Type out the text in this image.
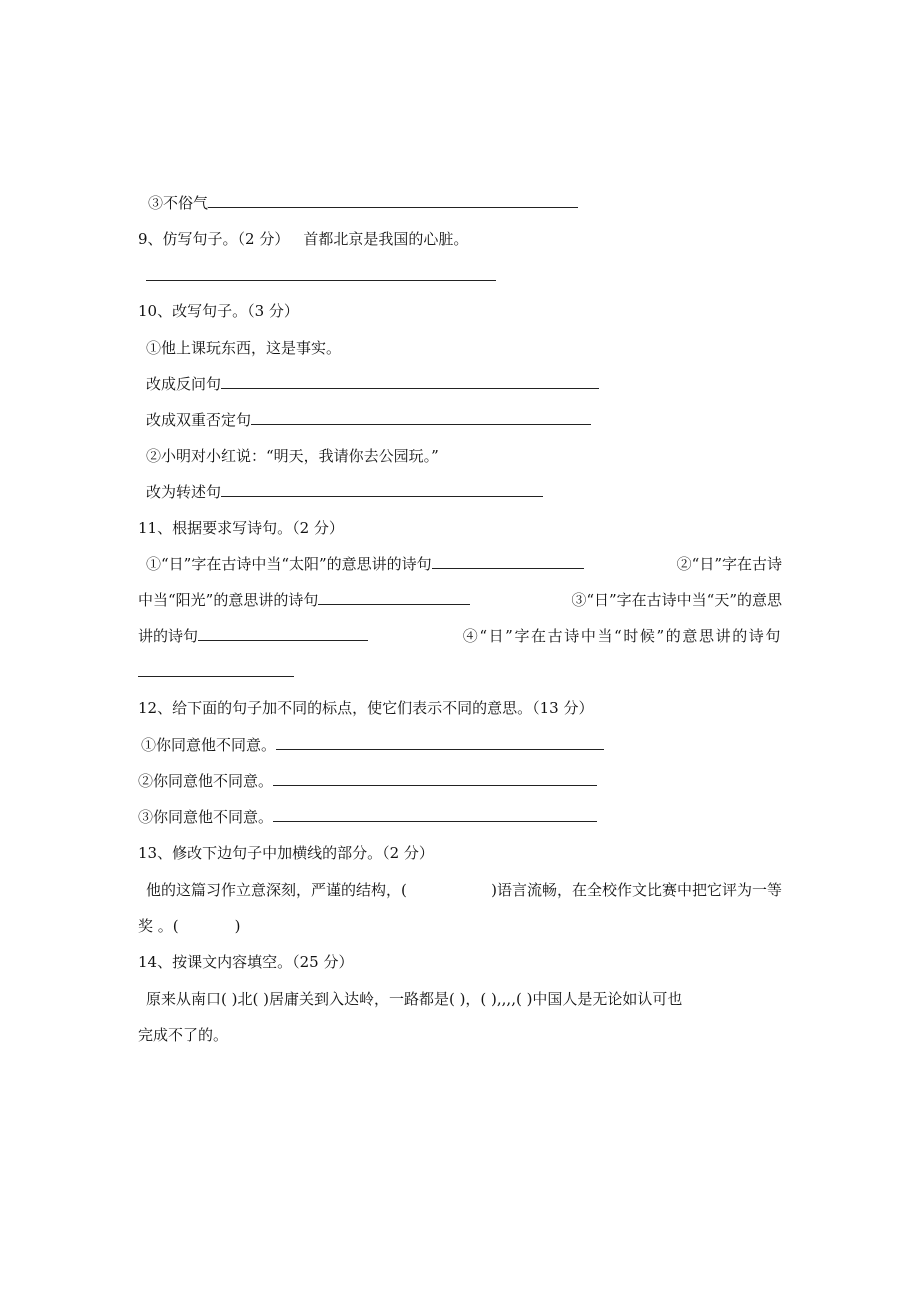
③不俗气
9、仿写句子。（2 分） 首都北京是我国的心脏。
10、改写句子。（3 分）
①他上课玩东西，这是事实。
改成反问句
改成双重否定句
②小明对小红说：“明天，我请你去公园玩。”
改为转述句
11、根据要求写诗句。（2 分）
①“日”字在古诗中当“太阳”的意思讲的诗句	②“日”字在古诗
中当“阳光”的意思讲的诗句	③“日”字在古诗中当“天”的意思
讲的诗句	④“日”字在古诗中当“时候”的意思讲的诗句
12、给下面的句子加不同的标点，使它们表示不同的意思。（13 分）
①你同意他不同意。
②你同意他不同意。
③你同意他不同意。
13、修改下边句子中加横线的部分。（2 分）
他的这篇习作立意深刻，严谨的结构，(	)语言流畅，在全校作文比赛中把它评为一等
奖 。(	)
14、按课文内容填空。（25 分）
原来从南口( )北( )居庸关到入达岭，一路都是( )，( ),,,,( )中国人是无论如认可也
完成不了的。
